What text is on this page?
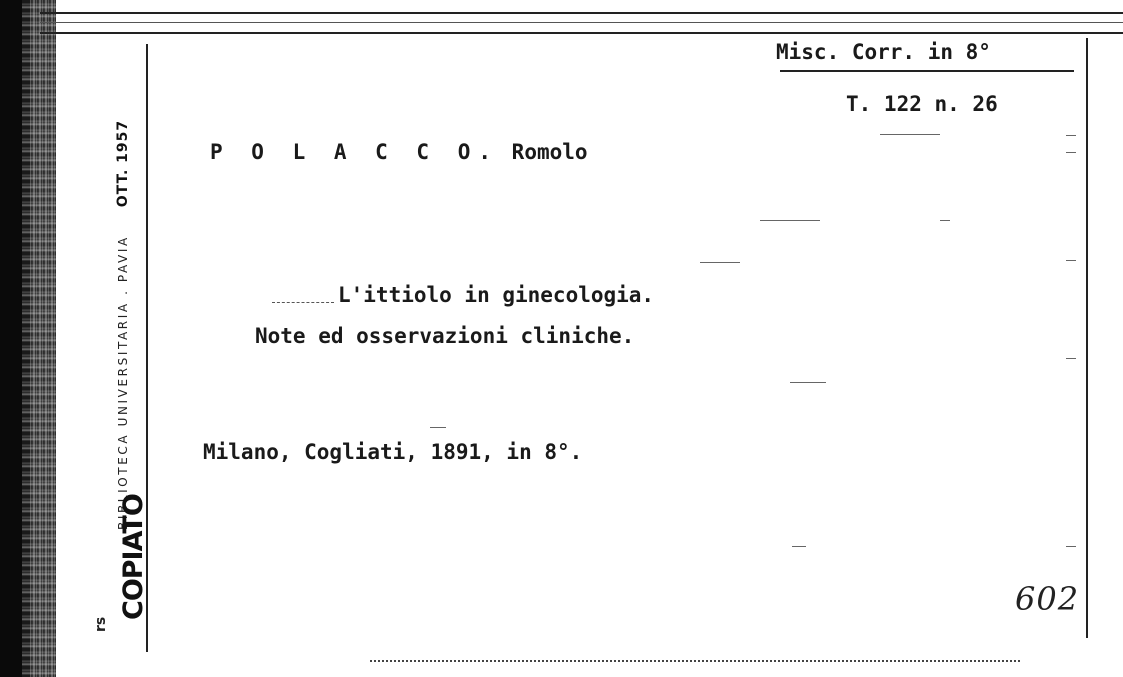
BIBLIOTECA UNIVERSITARIA . PAVIA
OTT. 1957
COPIATO
rs
Misc. Corr. in 8°
T. 122 n. 26
P O L A C C O. Romolo
L'ittiolo in ginecologia.
Note ed osservazioni cliniche.
Milano, Cogliati, 1891, in 8°.
602
